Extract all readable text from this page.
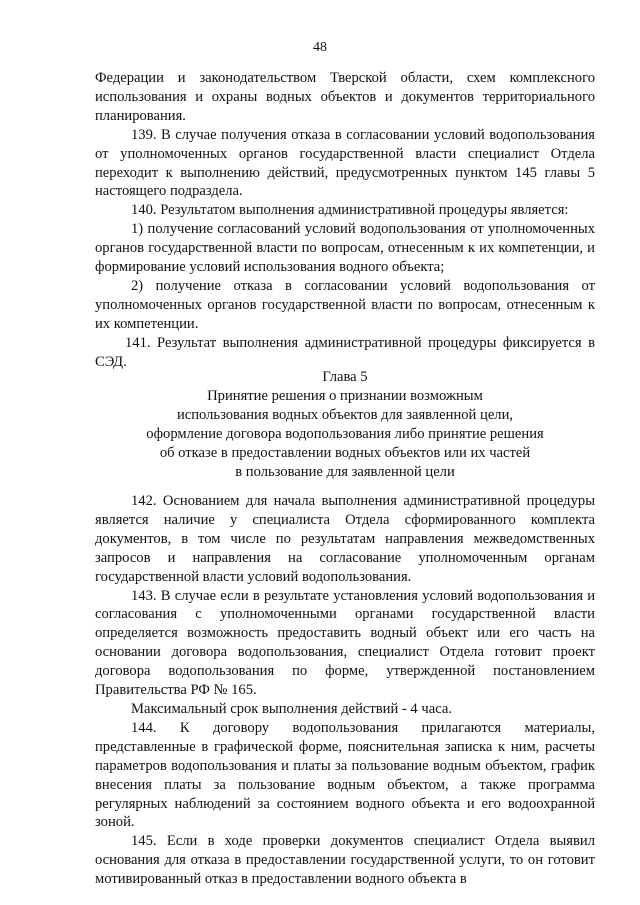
48

Федерации и законодательством Тверской области, схем комплексного использования и охраны водных объектов и документов территориального планирования.

139. В случае получения отказа в согласовании условий водопользования от уполномоченных органов государственной власти специалист Отдела переходит к выполнению действий, предусмотренных пунктом 145 главы 5 настоящего подраздела.

140. Результатом выполнения административной процедуры является:

1) получение согласований условий водопользования от уполномоченных органов государственной власти по вопросам, отнесенным к их компетенции, и формирование условий использования водного объекта;

2) получение отказа в согласовании условий водопользования от уполномоченных органов государственной власти по вопросам, отнесенным к их компетенции.

141. Результат выполнения административной процедуры фиксируется в СЭД.

Глава 5
Принятие решения о признании возможным
использования водных объектов для заявленной цели,
оформление договора водопользования либо принятие решения
об отказе в предоставлении водных объектов или их частей
в пользование для заявленной цели

142. Основанием для начала выполнения административной процедуры является наличие у специалиста Отдела сформированного комплекта документов, в том числе по результатам направления межведомственных запросов и направления на согласование уполномоченным органам государственной власти условий водопользования.

143. В случае если в результате установления условий водопользования и согласования с уполномоченными органами государственной власти определяется возможность предоставить водный объект или его часть на основании договора водопользования, специалист Отдела готовит проект договора водопользования по форме, утвержденной постановлением Правительства РФ № 165.

Максимальный срок выполнения действий - 4 часа.

144. К договору водопользования прилагаются материалы, представленные в графической форме, пояснительная записка к ним, расчеты параметров водопользования и платы за пользование водным объектом, график внесения платы за пользование водным объектом, а также программа регулярных наблюдений за состоянием водного объекта и его водоохранной зоной.

145. Если в ходе проверки документов специалист Отдела выявил основания для отказа в предоставлении государственной услуги, то он готовит мотивированный отказ в предоставлении водного объекта в
